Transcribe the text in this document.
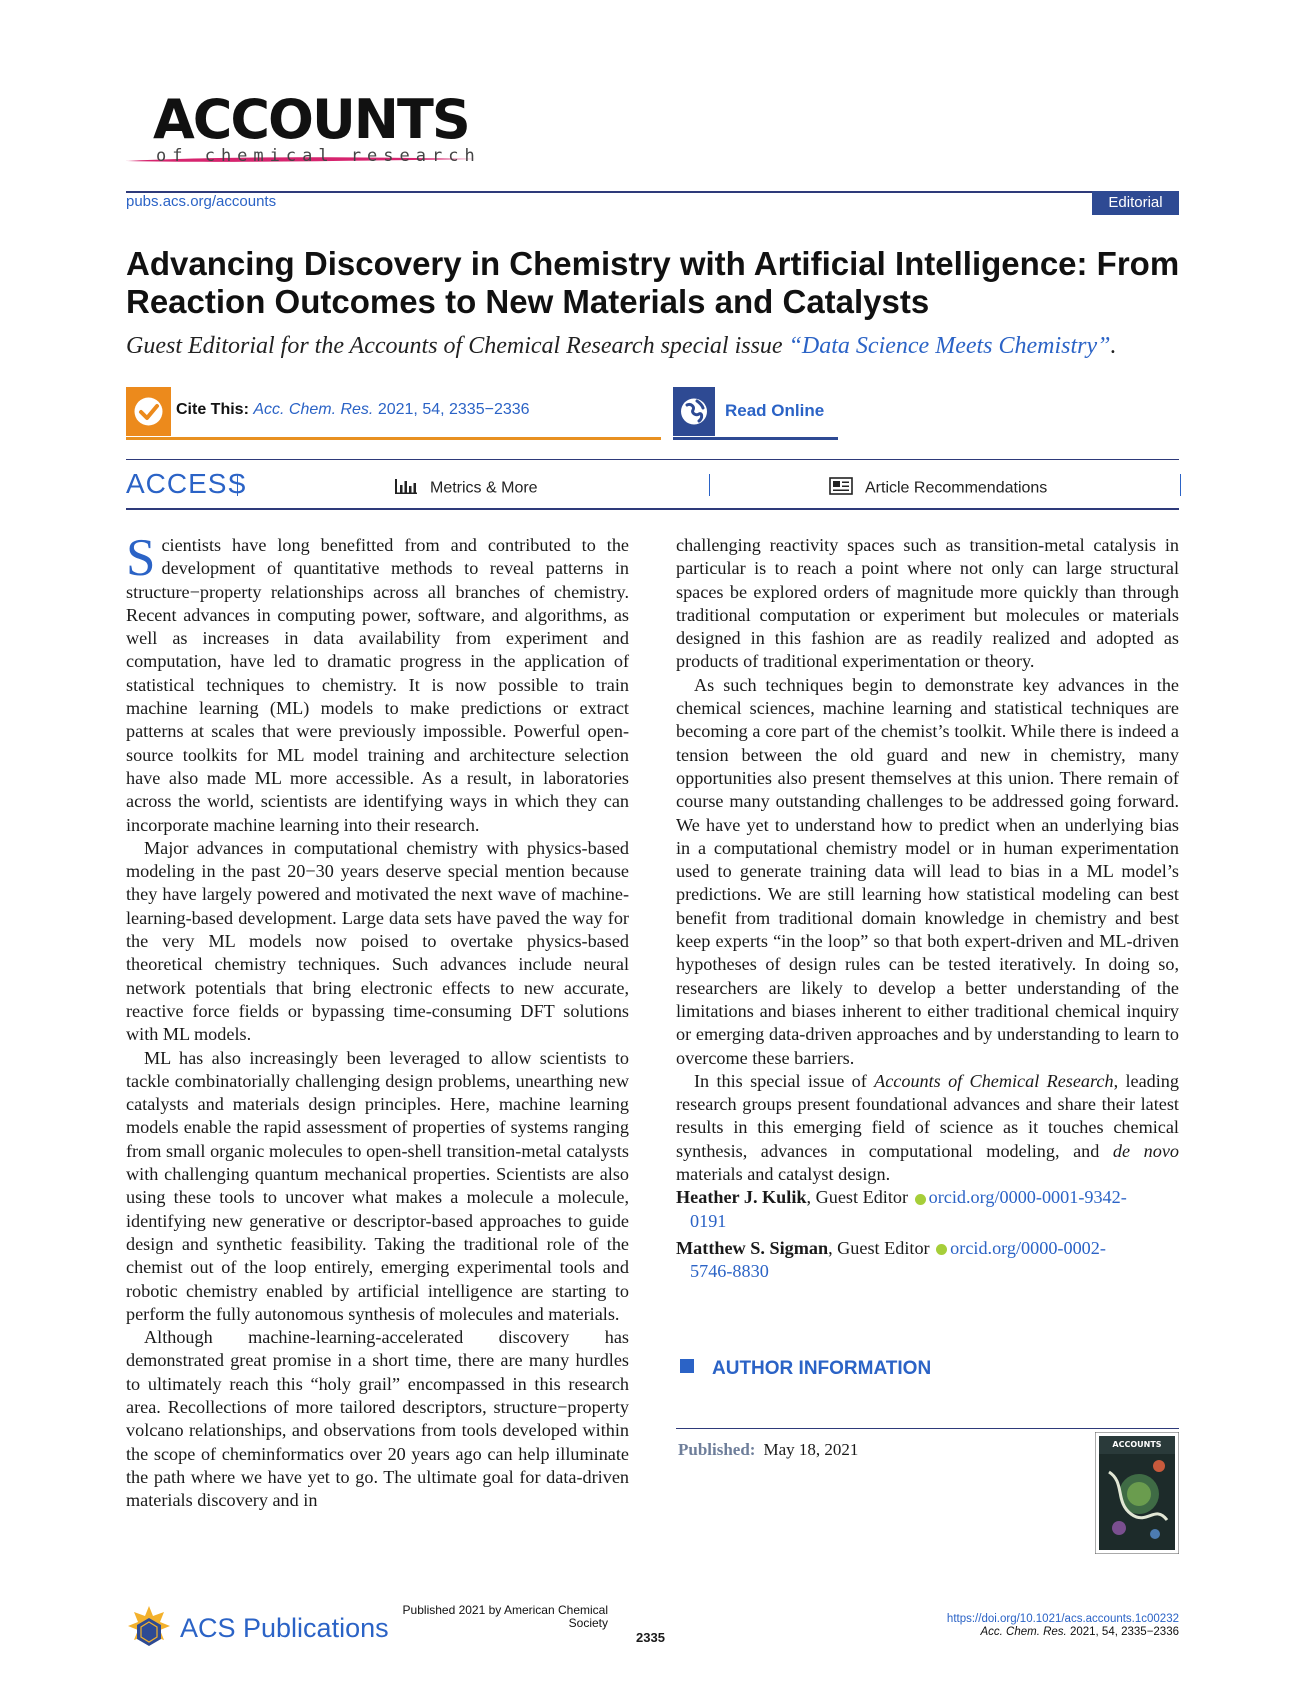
ACCOUNTS
of chemical research
pubs.acs.org/accounts	Editorial
Advancing Discovery in Chemistry with Artificial Intelligence: From Reaction Outcomes to New Materials and Catalysts
Guest Editorial for the Accounts of Chemical Research special issue “Data Science Meets Chemistry”.
Cite This: Acc. Chem. Res. 2021, 54, 2335−2336	Read Online
ACCESS	Metrics & More	Article Recommendations

Scientists have long benefitted from and contributed to the development of quantitative methods to reveal patterns in structure−property relationships across all branches of chemistry. Recent advances in computing power, software, and algorithms, as well as increases in data availability from experiment and computation, have led to dramatic progress in the application of statistical techniques to chemistry. It is now possible to train machine learning (ML) models to make predictions or extract patterns at scales that were previously impossible. Powerful open-source toolkits for ML model training and architecture selection have also made ML more accessible. As a result, in laboratories across the world, scientists are identifying ways in which they can incorporate machine learning into their research.

Major advances in computational chemistry with physics-based modeling in the past 20−30 years deserve special mention because they have largely powered and motivated the next wave of machine-learning-based development. Large data sets have paved the way for the very ML models now poised to overtake physics-based theoretical chemistry techniques. Such advances include neural network potentials that bring electronic effects to new accurate, reactive force fields or bypassing time-consuming DFT solutions with ML models.

ML has also increasingly been leveraged to allow scientists to tackle combinatorially challenging design problems, unearthing new catalysts and materials design principles. Here, machine learning models enable the rapid assessment of properties of systems ranging from small organic molecules to open-shell transition-metal catalysts with challenging quantum mechanical properties. Scientists are also using these tools to uncover what makes a molecule a molecule, identifying new generative or descriptor-based approaches to guide design and synthetic feasibility. Taking the traditional role of the chemist out of the loop entirely, emerging experimental tools and robotic chemistry enabled by artificial intelligence are starting to perform the fully autonomous synthesis of molecules and materials.

Although machine-learning-accelerated discovery has demonstrated great promise in a short time, there are many hurdles to ultimately reach this “holy grail” encompassed in this research area. Recollections of more tailored descriptors, structure−property volcano relationships, and observations from tools developed within the scope of cheminformatics over 20 years ago can help illuminate the path where we have yet to go. The ultimate goal for data-driven materials discovery and in

challenging reactivity spaces such as transition-metal catalysis in particular is to reach a point where not only can large structural spaces be explored orders of magnitude more quickly than through traditional computation or experiment but molecules or materials designed in this fashion are as readily realized and adopted as products of traditional experimentation or theory.

As such techniques begin to demonstrate key advances in the chemical sciences, machine learning and statistical techniques are becoming a core part of the chemist’s toolkit. While there is indeed a tension between the old guard and new in chemistry, many opportunities also present themselves at this union. There remain of course many outstanding challenges to be addressed going forward. We have yet to understand how to predict when an underlying bias in a computational chemistry model or in human experimentation used to generate training data will lead to bias in a ML model’s predictions. We are still learning how statistical modeling can best benefit from traditional domain knowledge in chemistry and best keep experts “in the loop” so that both expert-driven and ML-driven hypotheses of design rules can be tested iteratively. In doing so, researchers are likely to develop a better understanding of the limitations and biases inherent to either traditional chemical inquiry or emerging data-driven approaches and by understanding to learn to overcome these barriers.

In this special issue of Accounts of Chemical Research, leading research groups present foundational advances and share their latest results in this emerging field of science as it touches chemical synthesis, advances in computational modeling, and de novo materials and catalyst design.

Heather J. Kulik, Guest Editor orcid.org/0000-0001-9342-
0191

Matthew S. Sigman, Guest Editor orcid.org/0000-0002-
5746-8830

AUTHOR INFORMATION
Published: May 18, 2021	ACCOUNTS
ACS Publications
Published 2021 by American Chemical
Society
2335
https://doi.org/10.1021/acs.accounts.1c00232
Acc. Chem. Res. 2021, 54, 2335−2336
